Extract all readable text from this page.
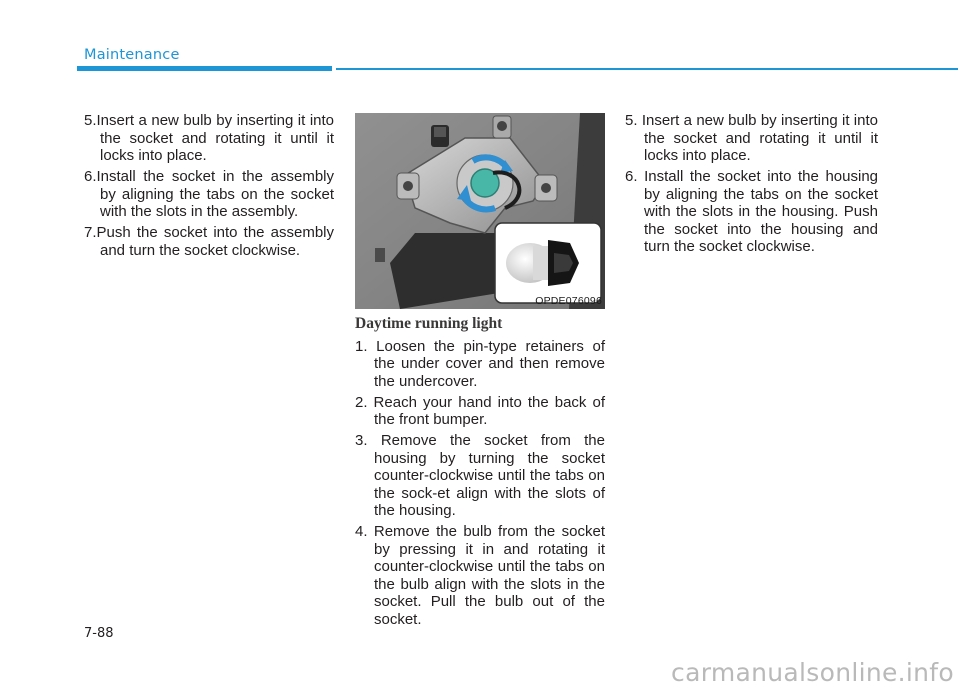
Maintenance

5.Insert a new bulb by inserting it into the socket and rotating it until it locks into place.

6.Install the socket in the assembly by aligning the tabs on the socket with the slots in the assembly.

7.Push the socket into the assembly and turn the socket clockwise.

OPDE076096
Daytime running light

1. Loosen the pin-type retainers of the under cover and then remove the undercover.

2. Reach your hand into the back of the front bumper.

3. Remove the socket from the housing by turning the socket counter-clockwise until the tabs on the sock-et align with the slots of the housing.

4. Remove the bulb from the socket by pressing it in and rotating it counter-clockwise until the tabs on the bulb align with the slots in the socket. Pull the bulb out of the socket.

5. Insert a new bulb by inserting it into the socket and rotating it until it locks into place.

6. Install the socket into the housing by aligning the tabs on the socket with the slots in the housing. Push the socket into the housing and turn the socket clockwise.

7-88
carmanualsonline.info
